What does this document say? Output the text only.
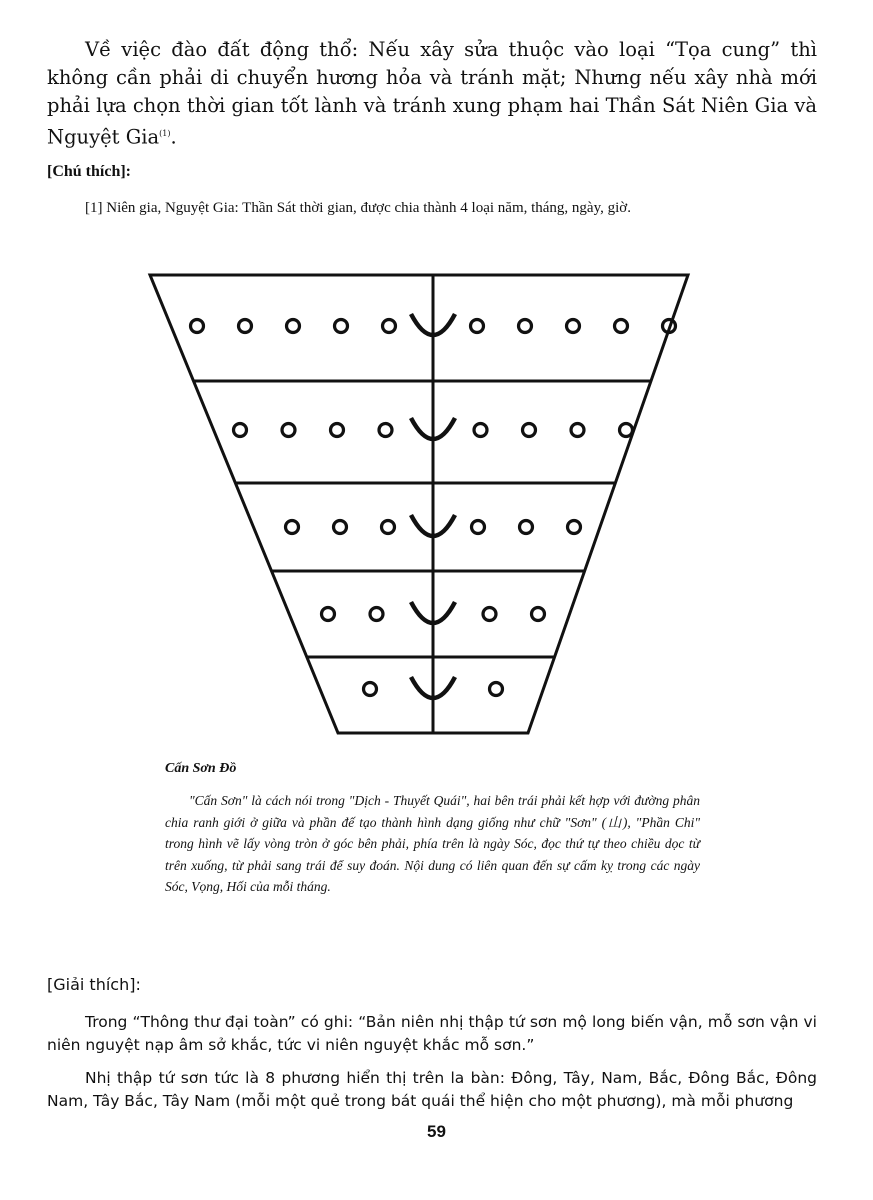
Về việc đào đất động thổ: Nếu xây sửa thuộc vào loại “Tọa cung” thì không cần phải di chuyển hương hỏa và tránh mặt; Nhưng nếu xây nhà mới phải lựa chọn thời gian tốt lành và tránh xung phạm hai Thần Sát Niên Gia và Nguyệt Gia$^{(1)}$.

[Chú thích]:

[1] Niên gia, Nguyệt Gia: Thần Sát thời gian, được chia thành 4 loại năm, tháng, ngày, giờ.

Cấn Sơn Đồ

"Cấn Sơn" là cách nói trong "Dịch - Thuyết Quái", hai bên trái phải kết hợp với đường phân chia ranh giới ở giữa và phần đế tạo thành hình dạng giống như chữ "Sơn" (山), "Phần Chi" trong hình vẽ lấy vòng tròn ở góc bên phải, phía trên là ngày Sóc, đọc thứ tự theo chiều dọc từ trên xuống, từ phải sang trái để suy đoán. Nội dung có liên quan đến sự cấm kỵ trong các ngày Sóc, Vọng, Hối của mỗi tháng.

[Giải thích]:

Trong “Thông thư đại toàn” có ghi: “Bản niên nhị thập tứ sơn mộ long biến vận, mỗ sơn vận vi niên nguyệt nạp âm sở khắc, tức vi niên nguyệt khắc mỗ sơn.”

Nhị thập tứ sơn tức là 8 phương hiển thị trên la bàn: Đông, Tây, Nam, Bắc, Đông Bắc, Đông Nam, Tây Bắc, Tây Nam (mỗi một quẻ trong bát quái thể hiện cho một phương), mà mỗi phương

59
